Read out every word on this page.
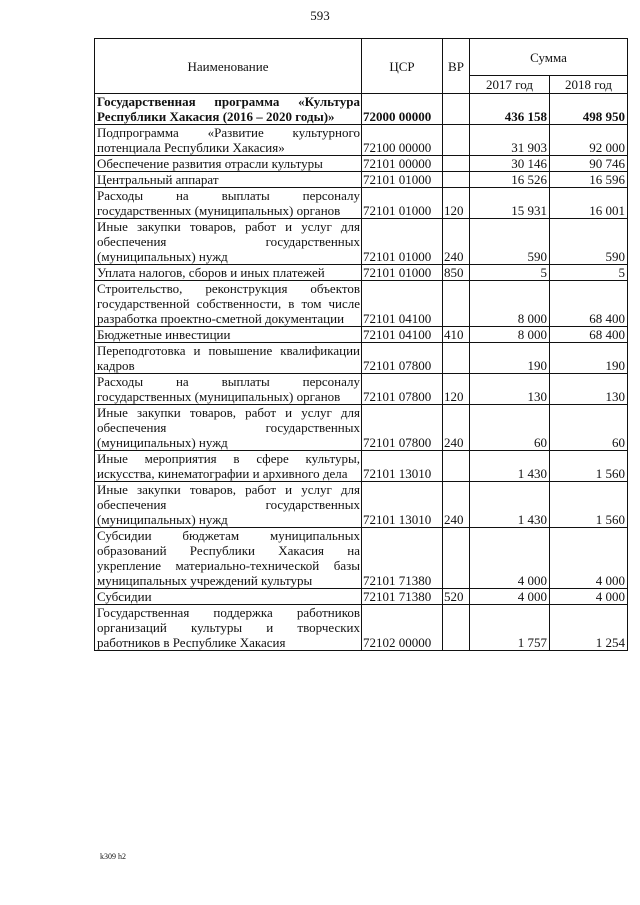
593
Наименование	ЦСР	ВР	Сумма	
			2017 год	2018 год
Государственная программа «Культура Республики Хакасия (2016 – 2020 годы)»	72000 00000		436 158	498 950
Подпрограмма «Развитие культурного потенциала Республики Хакасия»	72100 00000		31 903	92 000
Обеспечение развития отрасли культуры	72101 00000		30 146	90 746
Центральный аппарат	72101 01000		16 526	16 596
Расходы на выплаты персоналу государственных (муниципальных) органов	72101 01000	120	15 931	16 001
Иные закупки товаров, работ и услуг для обеспечения государственных (муниципальных) нужд	72101 01000	240	590	590
Уплата налогов, сборов и иных платежей	72101 01000	850	5	5
Строительство, реконструкция объектов государственной собственности, в том числе разработка проектно-сметной документации	72101 04100		8 000	68 400
Бюджетные инвестиции	72101 04100	410	8 000	68 400
Переподготовка и повышение квалификации кадров	72101 07800		190	190
Расходы на выплаты персоналу государственных (муниципальных) органов	72101 07800	120	130	130
Иные закупки товаров, работ и услуг для обеспечения государственных (муниципальных) нужд	72101 07800	240	60	60
Иные мероприятия в сфере культуры, искусства, кинематографии и архивного дела	72101 13010		1 430	1 560
Иные закупки товаров, работ и услуг для обеспечения государственных (муниципальных) нужд	72101 13010	240	1 430	1 560
Субсидии бюджетам муниципальных образований Республики Хакасия на укрепление материально-технической базы муниципальных учреждений культуры	72101 71380		4 000	4 000
Субсидии	72101 71380	520	4 000	4 000
Государственная поддержка работников организаций культуры и творческих работников в Республике Хакасия	72102 00000		1 757	1 254
k309 h2
